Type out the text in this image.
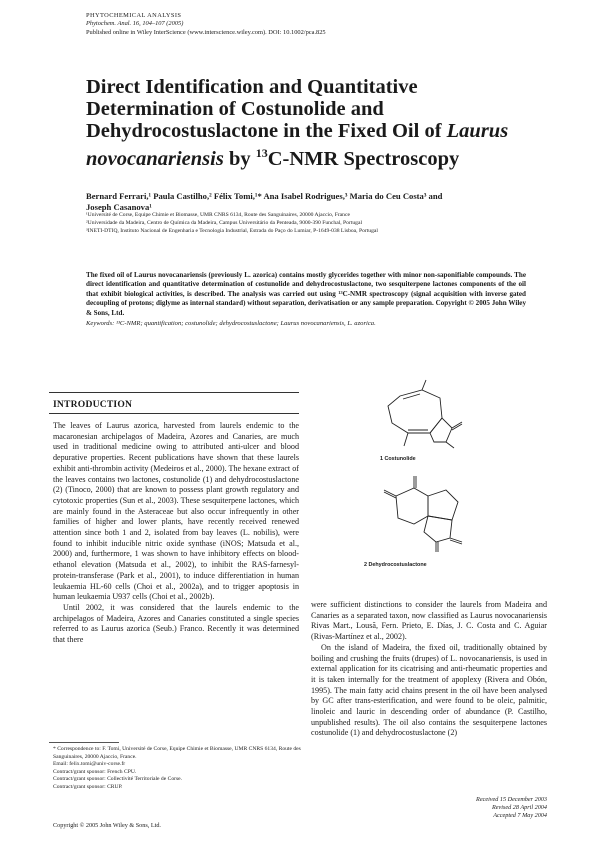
PHYTOCHEMICAL ANALYSIS
Phytochem. Anal. 16, 104–107 (2005)
Published online in Wiley InterScience (www.interscience.wiley.com). DOI: 10.1002/pca.825
Direct Identification and Quantitative
Determination of Costunolide and
Dehydrocostuslactone in the Fixed Oil of Laurus
novocanariensis by $^{13}$C-NMR Spectroscopy
Bernard Ferrari,¹ Paula Castilho,² Félix Tomi,¹* Ana Isabel Rodrigues,³ Maria do Ceu Costa³ and
Joseph Casanova¹
¹Université de Corse, Equipe Chimie et Biomasse, UMR CNRS 6134, Route des Sanguinaires, 20000 Ajaccio, France
²Universidade da Madeira, Centro de Química da Madeira, Campus Universitário da Penteada, 9000-390 Funchal, Portugal
³INETI-DTIQ, Instituto Nacional de Engenharia e Tecnologia Industrial, Estrada do Paço do Lumiar, P-1649-038 Lisboa, Portugal
The fixed oil of Laurus novocanariensis (previously L. azorica) contains mostly glycerides together with minor non-saponifiable compounds. The direct identification and quantitative determination of costunolide and dehydrocostuslactone, two sesquiterpene lactones components of the oil that exhibit biological activities, is described. The analysis was carried out using ¹³C-NMR spectroscopy (signal acquisition with inverse gated decoupling of protons; diglyme as internal standard) without separation, derivatisation or any sample preparation. Copyright © 2005 John Wiley & Sons, Ltd.
Keywords: ¹³C-NMR; quantification; costunolide; dehydrocostuslactone; Laurus novocanariensis, L. azorica.
INTRODUCTION

The leaves of Laurus azorica, harvested from laurels endemic to the macaronesian archipelagos of Madeira, Azores and Canaries, are much used in traditional medicine owing to attributed anti-ulcer and blood depurative properties. Recent publications have shown that these laurels exhibit anti-thrombin activity (Medeiros et al., 2000). The hexane extract of the leaves contains two lactones, costunolide (1) and dehydrocostuslactone (2) (Tinoco, 2000) that are known to possess plant growth regulatory and cytotoxic properties (Sun et al., 2003). These sesquiterpene lactones, which are mainly found in the Asteraceae but also occur infrequently in other families of higher and lower plants, have recently received renewed attention since both 1 and 2, isolated from bay leaves (L. nobilis), were found to inhibit inducible nitric oxide synthase (iNOS; Matsuda et al., 2000) and, furthermore, 1 was shown to have inhibitory effects on blood-ethanol elevation (Matsuda et al., 2002), to inhibit the RAS-farnesyl-protein-transferase (Park et al., 2001), to induce differentiation in human leukaemia HL-60 cells (Choi et al., 2002a), and to trigger apoptosis in human leukaemia U937 cells (Choi et al., 2002b).

Until 2002, it was considered that the laurels endemic to the archipelagos of Madeira, Azores and Canaries constituted a single species referred to as Laurus azorica (Seub.) Franco. Recently it was determined that there

* Correspondence to: F. Tomi, Université de Corse, Equipe Chimie et Biomasse, UMR CNRS 6134, Route des Sanguinaires, 20000 Ajaccio, France.
Email: felix.tomi@univ-corse.fr
Contract/grant sponsor: French CPU.
Contract/grant sponsor: Collectivité Territoriale de Corse.
Contract/grant sponsor: CRUP.
1 Costunolide
2 Dehydrocostuslactone

were sufficient distinctions to consider the laurels from Madeira and Canaries as a separated taxon, now classified as Laurus novocanariensis Rivas Mart., Lousã, Fern. Prieto, E. Días, J. C. Costa and C. Aguiar (Rivas-Martínez et al., 2002).

On the island of Madeira, the fixed oil, traditionally obtained by boiling and crushing the fruits (drupes) of L. novocanariensis, is used in external application for its cicatrising and anti-rheumatic properties and it is taken internally for the treatment of apoplexy (Rivera and Obón, 1995). The main fatty acid chains present in the oil have been analysed by GC after trans-esterification, and were found to be oleic, palmitic, linoleic and lauric in descending order of abundance (P. Castilho, unpublished results). The oil also contains the sesquiterpene lactones costunolide (1) and dehydrocostuslactone (2)

Received 15 December 2003
Revised 28 April 2004
Accepted 7 May 2004
Copyright © 2005 John Wiley & Sons, Ltd.
